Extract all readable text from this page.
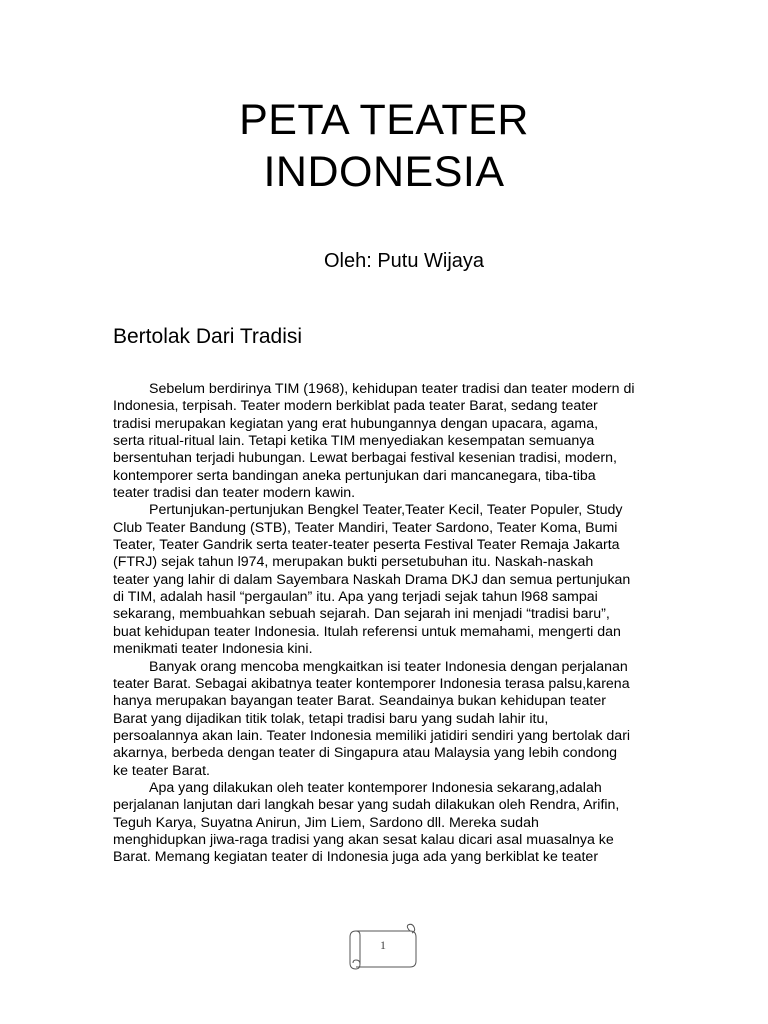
PETA TEATER
INDONESIA
Oleh: Putu Wijaya
Bertolak Dari Tradisi

Sebelum berdirinya TIM (1968), kehidupan teater tradisi dan teater modern di
Indonesia, terpisah. Teater modern berkiblat pada teater Barat, sedang teater
tradisi merupakan kegiatan yang erat hubungannya dengan upacara, agama,
serta ritual-ritual lain. Tetapi ketika TIM menyediakan kesempatan semuanya
bersentuhan terjadi hubungan. Lewat berbagai festival kesenian tradisi, modern,
kontemporer serta bandingan aneka pertunjukan dari mancanegara, tiba-tiba
teater tradisi dan teater modern kawin.

Pertunjukan-pertunjukan Bengkel Teater,Teater Kecil, Teater Populer, Study
Club Teater Bandung (STB), Teater Mandiri, Teater Sardono, Teater Koma, Bumi
Teater, Teater Gandrik serta teater-teater peserta Festival Teater Remaja Jakarta
(FTRJ) sejak tahun l974, merupakan bukti persetubuhan itu. Naskah-naskah
teater yang lahir di dalam Sayembara Naskah Drama DKJ dan semua pertunjukan
di TIM, adalah hasil “pergaulan” itu. Apa yang terjadi sejak tahun l968 sampai
sekarang, membuahkan sebuah sejarah. Dan sejarah ini menjadi “tradisi baru”,
buat kehidupan teater Indonesia. Itulah referensi untuk memahami, mengerti dan
menikmati teater Indonesia kini.

Banyak orang mencoba mengkaitkan isi teater Indonesia dengan perjalanan
teater Barat. Sebagai akibatnya teater kontemporer Indonesia terasa palsu,karena
hanya merupakan bayangan teater Barat. Seandainya bukan kehidupan teater
Barat yang dijadikan titik tolak, tetapi tradisi baru yang sudah lahir itu,
persoalannya akan lain. Teater Indonesia memiliki jatidiri sendiri yang bertolak dari
akarnya, berbeda dengan teater di Singapura atau Malaysia yang lebih condong
ke teater Barat.

Apa yang dilakukan oleh teater kontemporer Indonesia sekarang,adalah
perjalanan lanjutan dari langkah besar yang sudah dilakukan oleh Rendra, Arifin,
Teguh Karya, Suyatna Anirun, Jim Liem, Sardono dll. Mereka sudah
menghidupkan jiwa-raga tradisi yang akan sesat kalau dicari asal muasalnya ke
Barat. Memang kegiatan teater di Indonesia juga ada yang berkiblat ke teater

1
